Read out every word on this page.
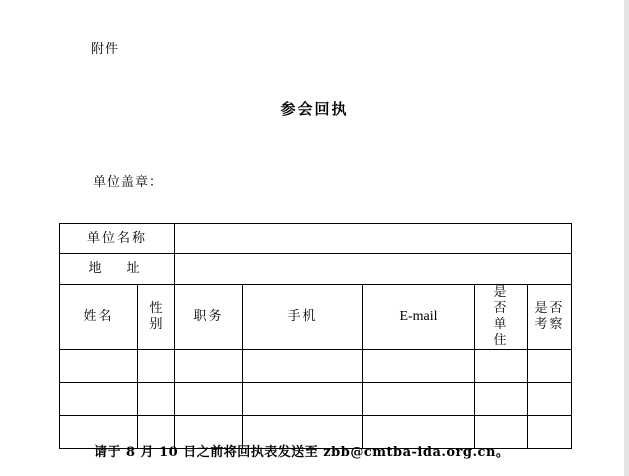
附件
参会回执
单位盖章：
单位名称						
地　址						
姓名	性别	职务	手机	E-mail	是否单住	是否考察

请于 8 月 10 日之前将回执表发送至 zbb@cmtba-ida.org.cn。
